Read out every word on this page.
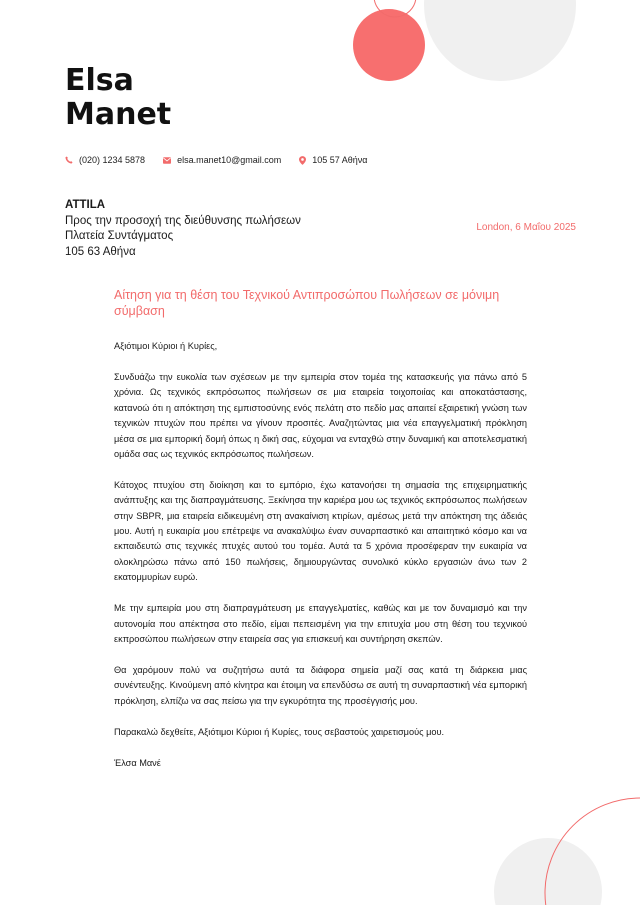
Elsa
Manet
(020) 1234 5878	elsa.manet10@gmail.com	105 57 Αθήνα
ATTILA
Προς την προσοχή της διεύθυνσης πωλήσεων
Πλατεία Συντάγματος
105 63 Αθήνα
London, 6 Μαΐου 2025
Αίτηση για τη θέση του Τεχνικού Αντιπροσώπου Πωλήσεων σε μόνιμη σύμβαση

Αξιότιμοι Κύριοι ή Κυρίες,

Συνδυάζω την ευκολία των σχέσεων με την εμπειρία στον τομέα της κατασκευής για πάνω από 5 χρόνια. Ως τεχνικός εκπρόσωπος πωλήσεων σε μια εταιρεία τοιχοποιίας και αποκατάστασης, κατανοώ ότι η απόκτηση της εμπιστοσύνης ενός πελάτη στο πεδίο μας απαιτεί εξαιρετική γνώση των τεχνικών πτυχών που πρέπει να γίνουν προσιτές. Αναζητώντας μια νέα επαγγελματική πρόκληση μέσα σε μια εμπορική δομή όπως η δική σας, εύχομαι να ενταχθώ στην δυναμική και αποτελεσματική ομάδα σας ως τεχνικός εκπρόσωπος πωλήσεων.

Κάτοχος πτυχίου στη διοίκηση και το εμπόριο, έχω κατανοήσει τη σημασία της επιχειρηματικής ανάπτυξης και της διαπραγμάτευσης. Ξεκίνησα την καριέρα μου ως τεχνικός εκπρόσωπος πωλήσεων στην SBPR, μια εταιρεία ειδικευμένη στη ανακαίνιση κτιρίων, αμέσως μετά την απόκτηση της άδειάς μου. Αυτή η ευκαιρία μου επέτρεψε να ανακαλύψω έναν συναρπαστικό και απαιτητικό κόσμο και να εκπαιδευτώ στις τεχνικές πτυχές αυτού του τομέα. Αυτά τα 5 χρόνια προσέφεραν την ευκαιρία να ολοκληρώσω πάνω από 150 πωλήσεις, δημιουργώντας συνολικό κύκλο εργασιών άνω των 2 εκατομμυρίων ευρώ.

Με την εμπειρία μου στη διαπραγμάτευση με επαγγελματίες, καθώς και με τον δυναμισμό και την αυτονομία που απέκτησα στο πεδίο, είμαι πεπεισμένη για την επιτυχία μου στη θέση του τεχνικού εκπροσώπου πωλήσεων στην εταιρεία σας για επισκευή και συντήρηση σκεπών.

Θα χαρόμουν πολύ να συζητήσω αυτά τα διάφορα σημεία μαζί σας κατά τη διάρκεια μιας συνέντευξης. Κινούμενη από κίνητρα και έτοιμη να επενδύσω σε αυτή τη συναρπαστική νέα εμπορική πρόκληση, ελπίζω να σας πείσω για την εγκυρότητα της προσέγγισής μου.

Παρακαλώ δεχθείτε, Αξιότιμοι Κύριοι ή Κυρίες, τους σεβαστούς χαιρετισμούς μου.

Έλσα Μανέ
